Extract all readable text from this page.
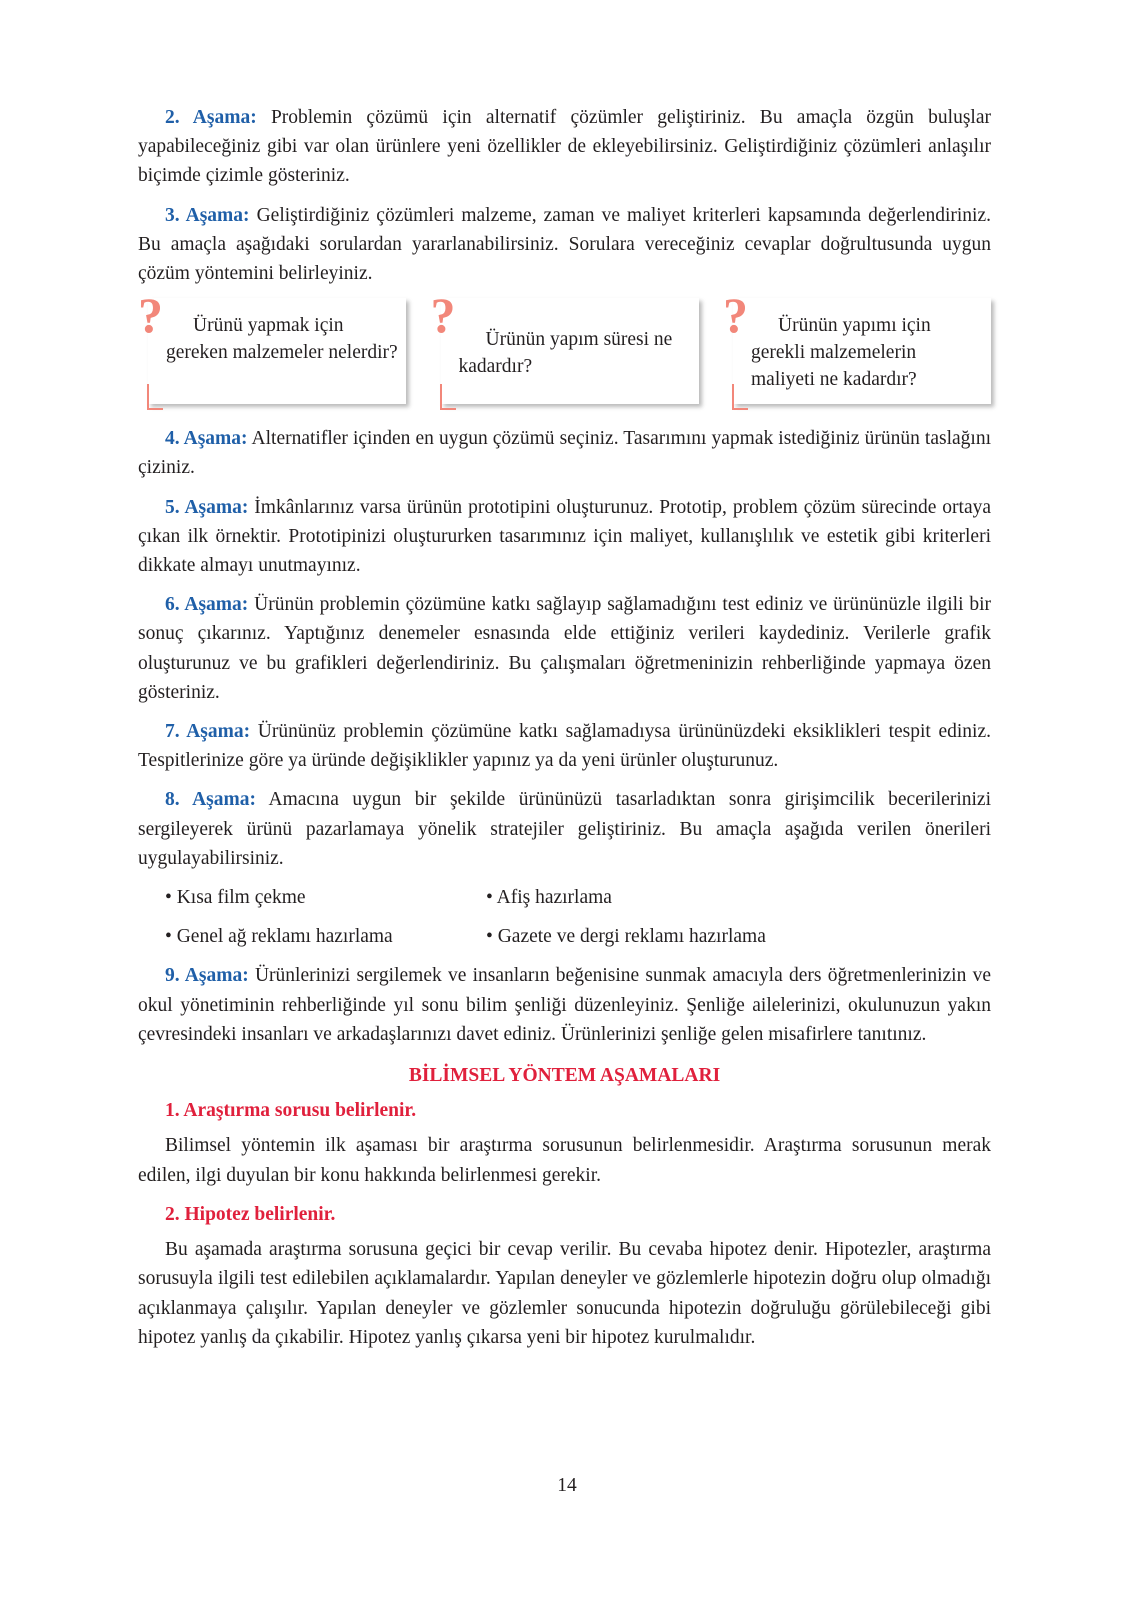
2. Aşama: Problemin çözümü için alternatif çözümler geliştiriniz. Bu amaçla özgün buluşlar yapabileceğiniz gibi var olan ürünlere yeni özellikler de ekleyebilirsiniz. Geliştirdiğiniz çözümleri anlaşılır biçimde çizimle gösteriniz.

3. Aşama: Geliştirdiğiniz çözümleri malzeme, zaman ve maliyet kriterleri kapsamında değerlendiriniz. Bu amaçla aşağıdaki sorulardan yararlanabilirsiniz. Sorulara vereceğiniz cevaplar doğrultusunda uygun çözüm yöntemini belirleyiniz.

?	Ürünü yapmak için gereken malzemeler nelerdir?
?	Ürünün yapım süresi ne kadardır?
?	Ürünün yapımı için gerekli malzemelerin maliyeti ne kadardır?

4. Aşama: Alternatifler içinden en uygun çözümü seçiniz. Tasarımını yapmak istediğiniz ürünün taslağını çiziniz.

5. Aşama: İmkânlarınız varsa ürünün prototipini oluşturunuz. Prototip, problem çözüm sürecinde ortaya çıkan ilk örnektir. Prototipinizi oluştururken tasarımınız için maliyet, kullanışlılık ve estetik gibi kriterleri dikkate almayı unutmayınız.

6. Aşama: Ürünün problemin çözümüne katkı sağlayıp sağlamadığını test ediniz ve ürününüzle ilgili bir sonuç çıkarınız. Yaptığınız denemeler esnasında elde ettiğiniz verileri kaydediniz. Verilerle grafik oluşturunuz ve bu grafikleri değerlendiriniz. Bu çalışmaları öğretmeninizin rehberliğinde yapmaya özen gösteriniz.

7. Aşama: Ürününüz problemin çözümüne katkı sağlamadıysa ürününüzdeki eksiklikleri tespit ediniz. Tespitlerinize göre ya üründe değişiklikler yapınız ya da yeni ürünler oluşturunuz.

8. Aşama: Amacına uygun bir şekilde ürününüzü tasarladıktan sonra girişimcilik becerilerinizi sergileyerek ürünü pazarlamaya yönelik stratejiler geliştiriniz. Bu amaçla aşağıda verilen önerileri uygulayabilirsiniz.

• Kısa film çekme	• Afiş hazırlama
• Genel ağ reklamı hazırlama	• Gazete ve dergi reklamı hazırlama

9. Aşama: Ürünlerinizi sergilemek ve insanların beğenisine sunmak amacıyla ders öğretmenlerinizin ve okul yönetiminin rehberliğinde yıl sonu bilim şenliği düzenleyiniz. Şenliğe ailelerinizi, okulunuzun yakın çevresindeki insanları ve arkadaşlarınızı davet ediniz. Ürünlerinizi şenliğe gelen misafirlere tanıtınız.

BİLİMSEL YÖNTEM AŞAMALARI
1. Araştırma sorusu belirlenir.

Bilimsel yöntemin ilk aşaması bir araştırma sorusunun belirlenmesidir. Araştırma sorusunun merak edilen, ilgi duyulan bir konu hakkında belirlenmesi gerekir.

2. Hipotez belirlenir.

Bu aşamada araştırma sorusuna geçici bir cevap verilir. Bu cevaba hipotez denir. Hipotezler, araştırma sorusuyla ilgili test edilebilen açıklamalardır. Yapılan deneyler ve gözlemlerle hipotezin doğru olup olmadığı açıklanmaya çalışılır. Yapılan deneyler ve gözlemler sonucunda hipotezin doğruluğu görülebileceği gibi hipotez yanlış da çıkabilir. Hipotez yanlış çıkarsa yeni bir hipotez kurulmalıdır.

14
